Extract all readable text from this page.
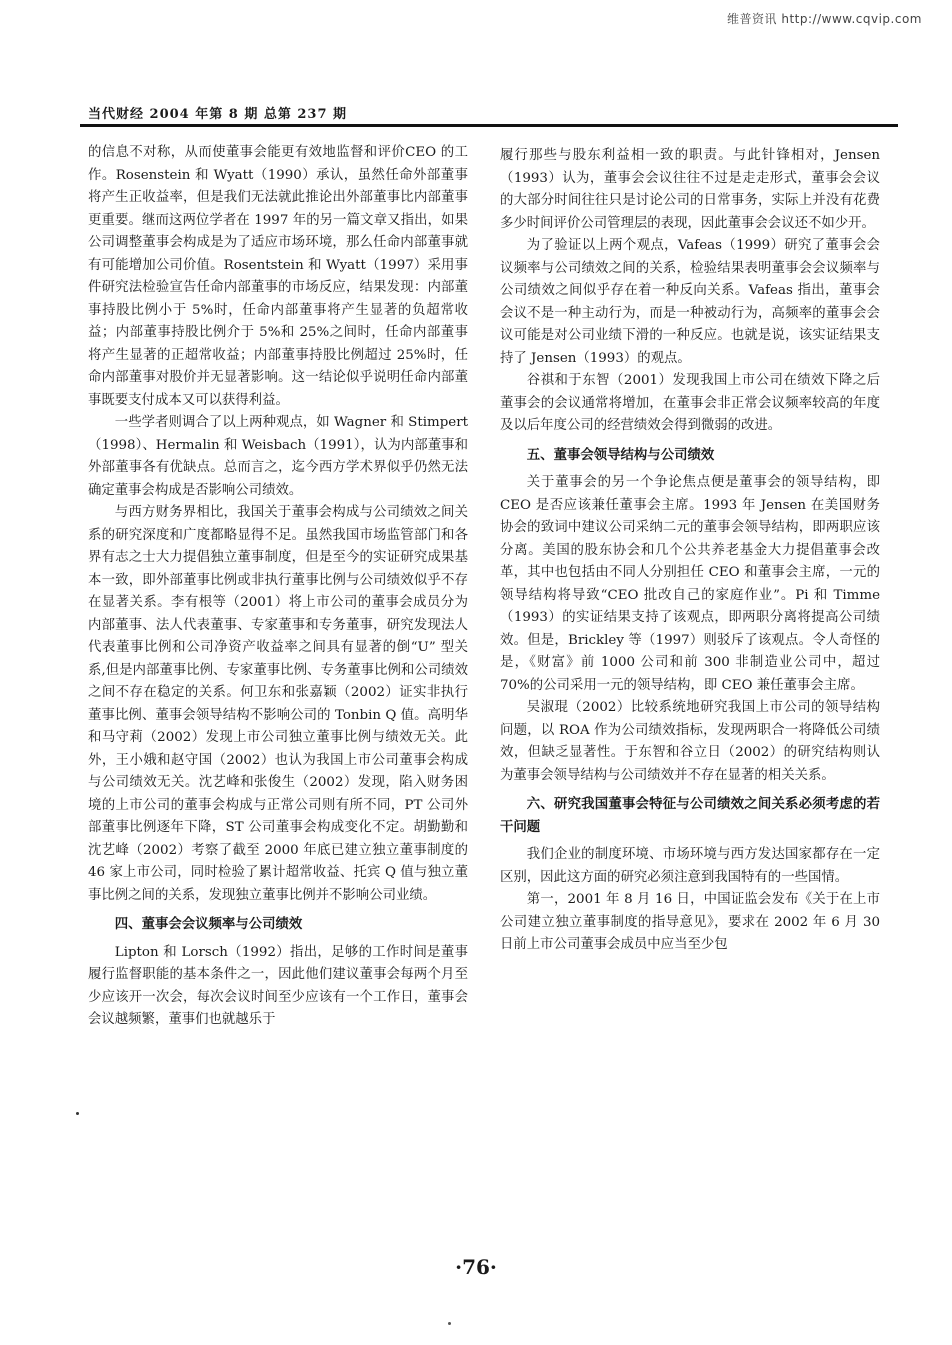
维普资讯 http://www.cqvip.com
当代财经 2004 年第 8 期 总第 237 期

的信息不对称，从而使董事会能更有效地监督和评价CEO 的工作。Rosenstein 和 Wyatt（1990）承认，虽然任命外部董事将产生正收益率，但是我们无法就此推论出外部董事比内部董事更重要。继而这两位学者在 1997 年的另一篇文章又指出，如果公司调整董事会构成是为了适应市场环境，那么任命内部董事就有可能增加公司价值。Rosentstein 和 Wyatt（1997）采用事件研究法检验宣告任命内部董事的市场反应，结果发现：内部董事持股比例小于 5%时，任命内部董事将产生显著的负超常收益；内部董事持股比例介于 5%和 25%之间时，任命内部董事将产生显著的正超常收益；内部董事持股比例超过 25%时，任命内部董事对股价并无显著影响。这一结论似乎说明任命内部董事既要支付成本又可以获得利益。

一些学者则调合了以上两种观点，如 Wagner 和 Stimpert（1998）、Hermalin 和 Weisbach（1991），认为内部董事和外部董事各有优缺点。总而言之，迄今西方学术界似乎仍然无法确定董事会构成是否影响公司绩效。

与西方财务界相比，我国关于董事会构成与公司绩效之间关系的研究深度和广度都略显得不足。虽然我国市场监管部门和各界有志之士大力提倡独立董事制度，但是至今的实证研究成果基本一致，即外部董事比例或非执行董事比例与公司绩效似乎不存在显著关系。李有根等（2001）将上市公司的董事会成员分为内部董事、法人代表董事、专家董事和专务董事，研究发现法人代表董事比例和公司净资产收益率之间具有显著的倒“U” 型关系,但是内部董事比例、专家董事比例、专务董事比例和公司绩效之间不存在稳定的关系。何卫东和张嘉颖（2002）证实非执行董事比例、董事会领导结构不影响公司的 Tonbin Q 值。高明华和马守莉（2002）发现上市公司独立董事比例与绩效无关。此外，王小娥和赵守国（2002）也认为我国上市公司董事会构成与公司绩效无关。沈艺峰和张俊生（2002）发现，陷入财务困境的上市公司的董事会构成与正常公司则有所不同，PT 公司外部董事比例逐年下降，ST 公司董事会构成变化不定。胡勤勤和沈艺峰（2002）考察了截至 2000 年底已建立独立董事制度的 46 家上市公司，同时检验了累计超常收益、托宾 Q 值与独立董事比例之间的关系，发现独立董事比例并不影响公司业绩。

四、董事会会议频率与公司绩效

Lipton 和 Lorsch（1992）指出，足够的工作时间是董事履行监督职能的基本条件之一，因此他们建议董事会每两个月至少应该开一次会，每次会议时间至少应该有一个工作日，董事会会议越频繁，董事们也就越乐于

履行那些与股东利益相一致的职责。与此针锋相对，Jensen（1993）认为，董事会会议往往不过是走走形式，董事会会议的大部分时间往往只是讨论公司的日常事务，实际上并没有花费多少时间评价公司管理层的表现，因此董事会会议还不如少开。

为了验证以上两个观点，Vafeas（1999）研究了董事会会议频率与公司绩效之间的关系，检验结果表明董事会会议频率与公司绩效之间似乎存在着一种反向关系。Vafeas 指出，董事会会议不是一种主动行为，而是一种被动行为，高频率的董事会会议可能是对公司业绩下滑的一种反应。也就是说，该实证结果支持了 Jensen（1993）的观点。

谷祺和于东智（2001）发现我国上市公司在绩效下降之后董事会的会议通常将增加，在董事会非正常会议频率较高的年度及以后年度公司的经营绩效会得到微弱的改进。

五、董事会领导结构与公司绩效

关于董事会的另一个争论焦点便是董事会的领导结构，即 CEO 是否应该兼任董事会主席。1993 年 Jensen 在美国财务协会的致词中建议公司采纳二元的董事会领导结构，即两职应该分离。美国的股东协会和几个公共养老基金大力提倡董事会改革，其中也包括由不同人分别担任 CEO 和董事会主席，一元的领导结构将导致“CEO 批改自己的家庭作业”。Pi 和 Timme（1993）的实证结果支持了该观点，即两职分离将提高公司绩效。但是，Brickley 等（1997）则驳斥了该观点。令人奇怪的是，《财富》前 1000 公司和前 300 非制造业公司中，超过 70%的公司采用一元的领导结构，即 CEO 兼任董事会主席。

吴淑琨（2002）比较系统地研究我国上市公司的领导结构问题，以 ROA 作为公司绩效指标，发现两职合一将降低公司绩效，但缺乏显著性。于东智和谷立日（2002）的研究结构则认为董事会领导结构与公司绩效并不存在显著的相关关系。

六、研究我国董事会特征与公司绩效之间关系必须考虑的若干问题

我们企业的制度环境、市场环境与西方发达国家都存在一定区别，因此这方面的研究必须注意到我国特有的一些国情。

第一，2001 年 8 月 16 日，中国证监会发布《关于在上市公司建立独立董事制度的指导意见》，要求在 2002 年 6 月 30 日前上市公司董事会成员中应当至少包

·76·
